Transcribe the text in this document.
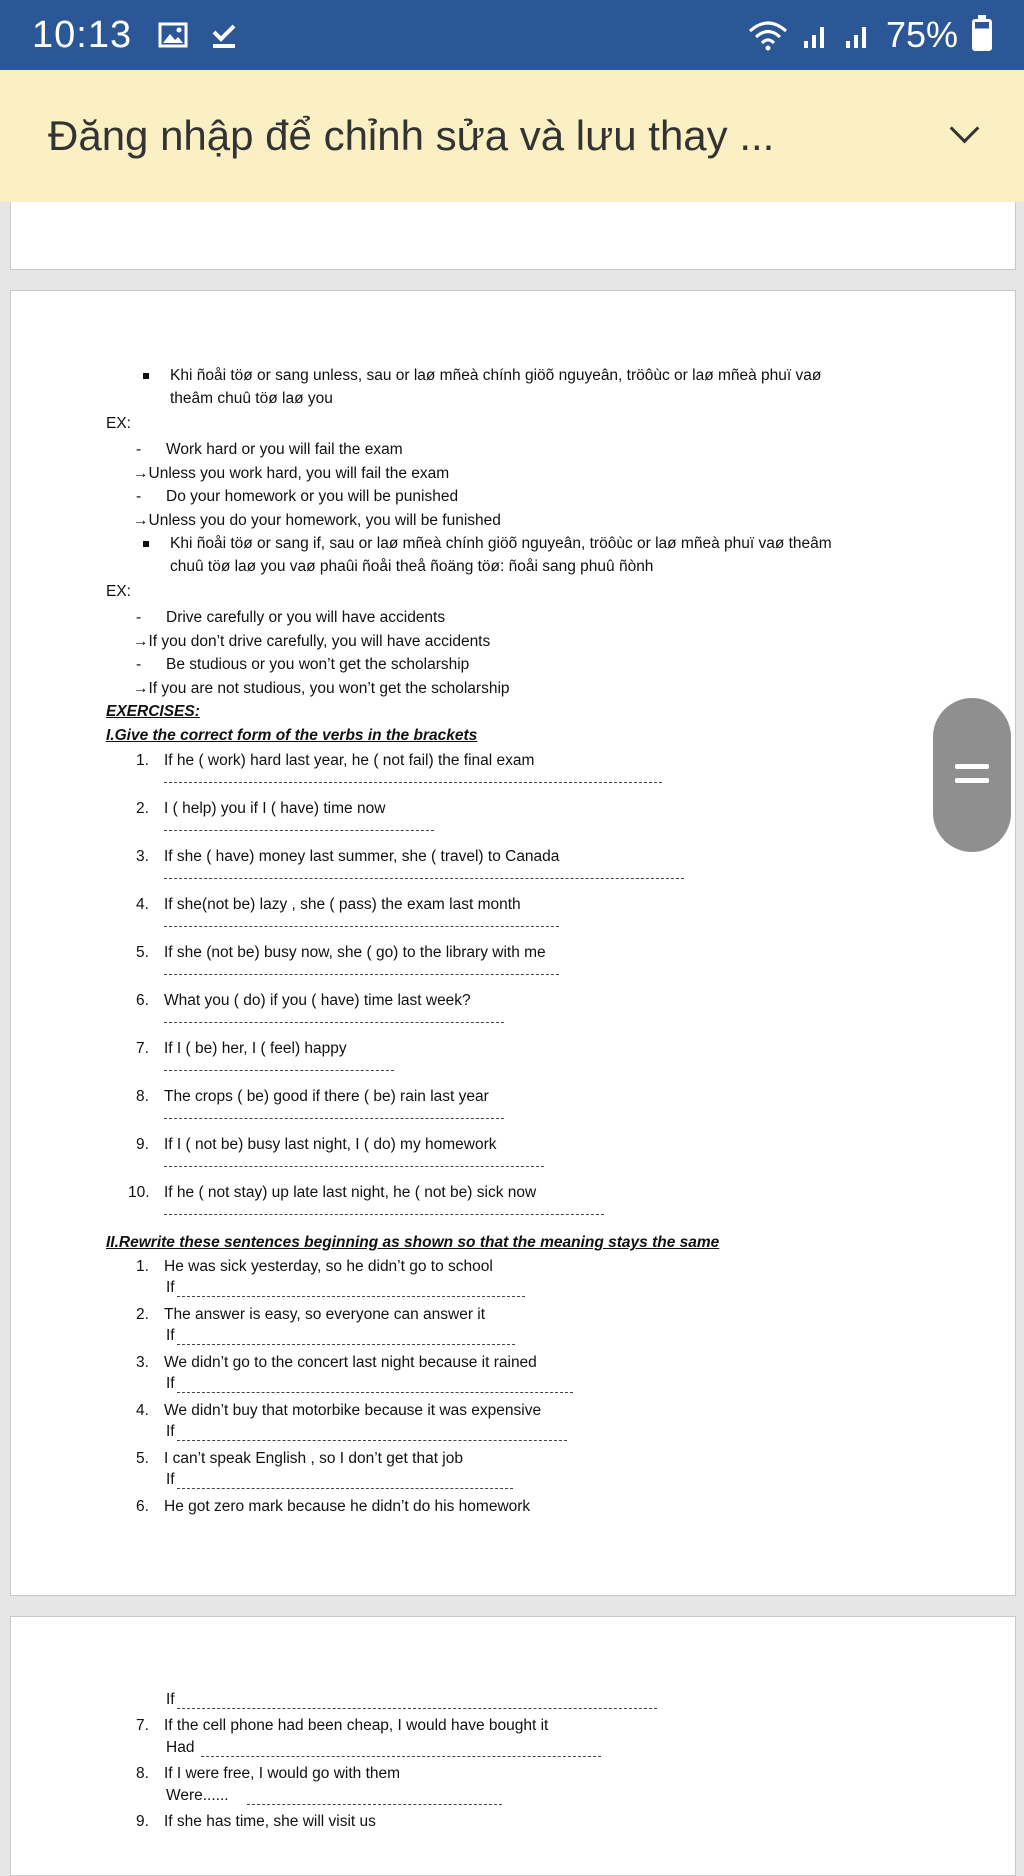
10:13	75%
Đăng nhập để chỉnh sửa và lưu thay ...
Khi ñoåi töø or sang unless, sau or laø mñeà chính giöõ nguyeân, tröôùc or laø mñeà phuï vaø
theâm chuû töø laø you
EX:
- Work hard or you will fail the exam
→Unless you work hard, you will fail the exam
- Do your homework or you will be punished
→Unless you do your homework, you will be funished
Khi ñoåi töø or sang if, sau or laø mñeà chính giöõ nguyeân, tröôùc or laø mñeà phuï vaø theâm
chuû töø laø you vaø phaûi ñoåi theå ñoäng töø: ñoåi sang phuû ñònh
EX:
- Drive carefully or you will have accidents
→If you don’t drive carefully, you will have accidents
- Be studious or you won’t get the scholarship
→If you are not studious, you won’t get the scholarship
EXERCISES:
I.Give the correct form of the verbs in the brackets
1. If he ( work) hard last year, he ( not fail) the final exam
2. I ( help) you if I ( have) time now
3. If she ( have) money last summer, she ( travel) to Canada
4. If she(not be) lazy , she ( pass) the exam last month
5. If she (not be) busy now, she ( go) to the library with me
6. What you ( do) if you ( have) time last week?
7. If I ( be) her, I ( feel) happy
8. The crops ( be) good if there ( be) rain last year
9. If I ( not be) busy last night, I ( do) my homework
10. If he ( not stay) up late last night, he ( not be) sick now
II.Rewrite these sentences beginning as shown so that the meaning stays the same
1. He was sick yesterday, so he didn’t go to school
If
2. The answer is easy, so everyone can answer it
If
3. We didn’t go to the concert last night because it rained
If
4. We didn’t buy that motorbike because it was expensive
If
5. I can’t speak English , so I don’t get that job
If
6. He got zero mark because he didn’t do his homework
If
7. If the cell phone had been cheap, I would have bought it
Had
8. If I were free, I would go with them
Were......
9. If she has time, she will visit us
